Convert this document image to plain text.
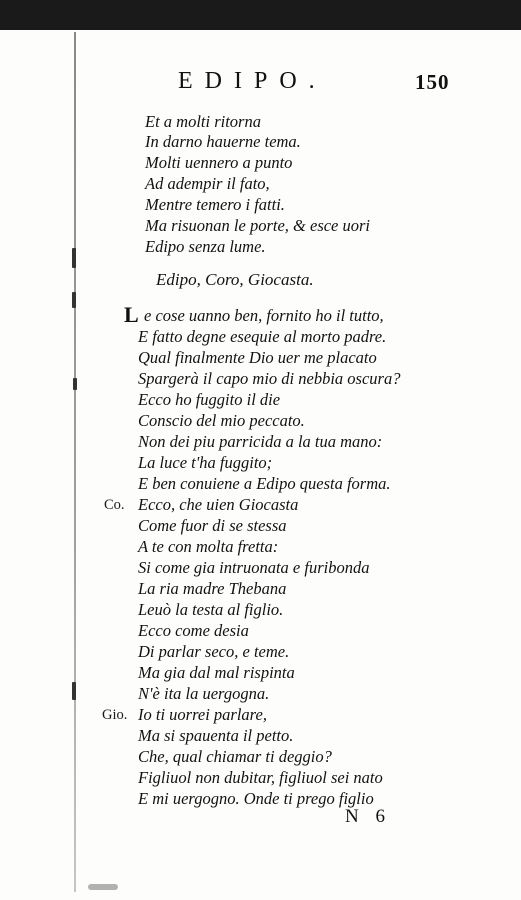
EDIPO.	150
Et a molti ritorna
In darno hauerne tema.
Molti uennero a punto
Ad adempir il fato,
Mentre temero i fatti.
Ma risuonan le porte, & esce uori
Edipo senza lume.
Edipo, Coro, Giocasta.
L e cose uanno ben, fornito ho il tutto,
E fatto degne esequie al morto padre.
Qual finalmente Dio uer me placato
Spargerà il capo mio di nebbia oscura?
Ecco ho fuggito il die
Conscio del mio peccato.
Non dei piu parricida a la tua mano:
La luce t'ha fuggito;
E ben conuiene a Edipo questa forma.
Co. Ecco, che uien Giocasta
Come fuor di se stessa
A te con molta fretta:
Si come gia intruonata e furibonda
La ria madre Thebana
Leuò la testa al figlio.
Ecco come desia
Di parlar seco, e teme.
Ma gia dal mal rispinta
N'è ita la uergogna.
Gio. Io ti uorrei parlare,
Ma si spauenta il petto.
Che, qual chiamar ti deggio?
Figliuol non dubitar, figliuol sei nato
E mi uergogno. Onde ti prego figlio
N 6
